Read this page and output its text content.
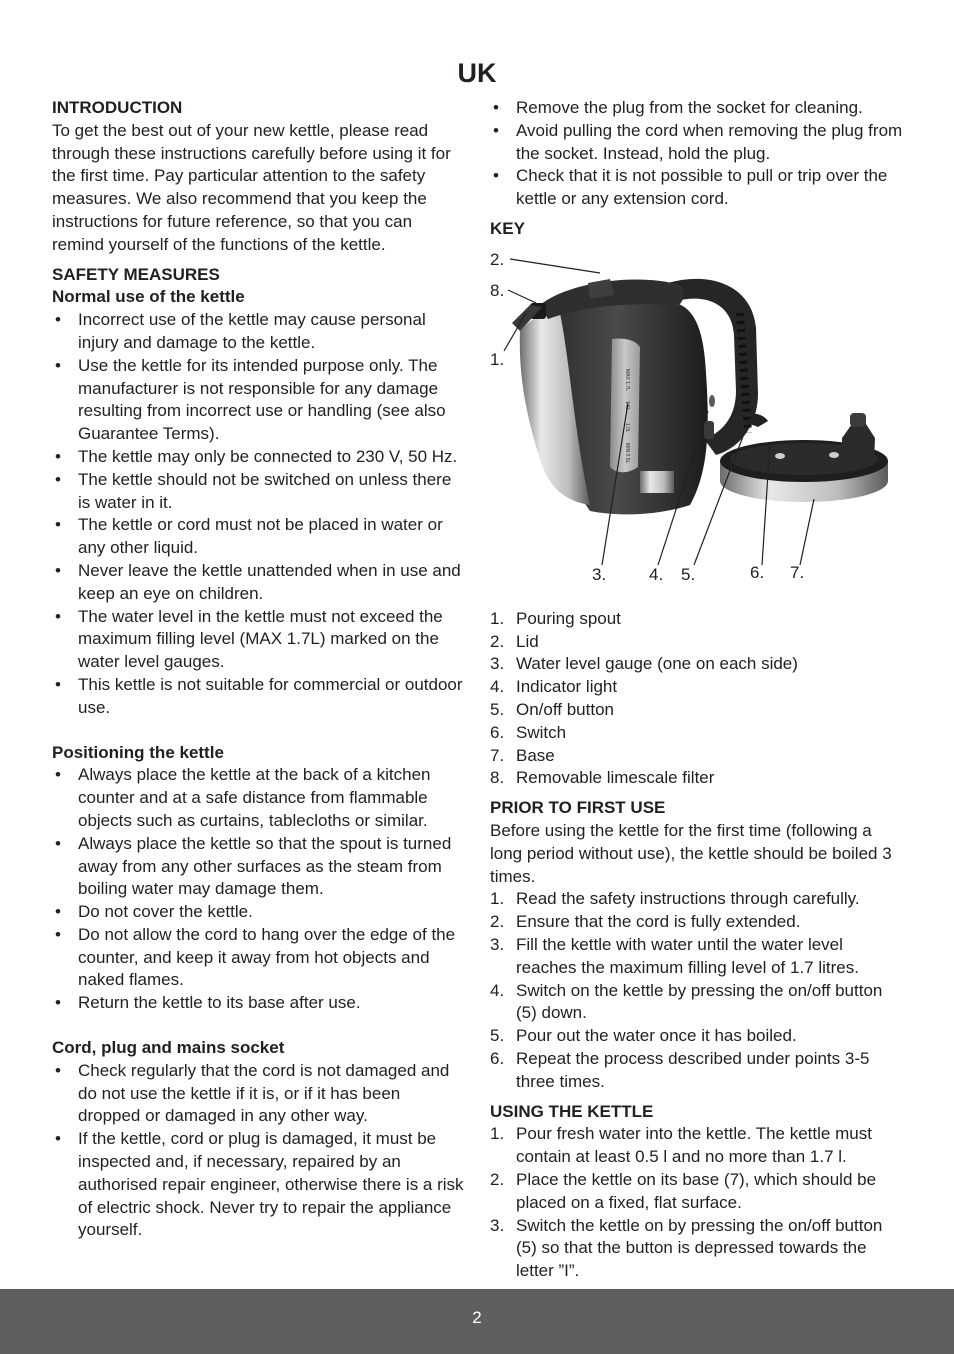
UK
INTRODUCTION

To get the best out of your new kettle, please read through these instructions carefully before using it for the first time. Pay particular attention to the safety measures. We also recommend that you keep the instructions for future reference, so that you can remind yourself of the functions of the kettle.

SAFETY MEASURES
Normal use of the kettle
• Incorrect use of the kettle may cause personal injury and damage to the kettle.
• Use the kettle for its intended purpose only. The manufacturer is not responsible for any damage resulting from incorrect use or handling (see also Guarantee Terms).
• The kettle may only be connected to 230 V, 50 Hz.
• The kettle should not be switched on unless there is water in it.
• The kettle or cord must not be placed in water or any other liquid.
• Never leave the kettle unattended when in use and keep an eye on children.
• The water level in the kettle must not exceed the maximum filling level (MAX 1.7L) marked on the water level gauges.
• This kettle is not suitable for commercial or outdoor use.
Positioning the kettle
• Always place the kettle at the back of a kitchen counter and at a safe distance from flammable objects such as curtains, tablecloths or similar.
• Always place the kettle so that the spout is turned away from any other surfaces as the steam from boiling water may damage them.
• Do not cover the kettle.
• Do not allow the cord to hang over the edge of the counter, and keep it away from hot objects and naked flames.
• Return the kettle to its base after use.
Cord, plug and mains socket
• Check regularly that the cord is not damaged and do not use the kettle if it is, or if it has been dropped or damaged in any other way.
• If the kettle, cord or plug is damaged, it must be inspected and, if necessary, repaired by an authorised repair engineer, otherwise there is a risk of electric shock. Never try to repair the appliance yourself.
• Remove the plug from the socket for cleaning.
• Avoid pulling the cord when removing the plug from the socket. Instead, hold the plug.
• Check that it is not possible to pull or trip over the kettle or any extension cord.
KEY
MAX 1.7L
1.5L
1.0L
MIN 0.5L
2.
8.
1.
3.	4. 5.	6. 7.
1. Pouring spout
2. Lid
3. Water level gauge (one on each side)
4. Indicator light
5. On/off button
6. Switch
7. Base
8. Removable limescale filter
PRIOR TO FIRST USE

Before using the kettle for the first time (following a long period without use), the kettle should be boiled 3 times.

1. Read the safety instructions through carefully.
2. Ensure that the cord is fully extended.
3. Fill the kettle with water until the water level reaches the maximum filling level of 1.7 litres.
4. Switch on the kettle by pressing the on/off button (5) down.
5. Pour out the water once it has boiled.
6. Repeat the process described under points 3-5 three times.
USING THE KETTLE
1. Pour fresh water into the kettle. The kettle must contain at least 0.5 l and no more than 1.7 l.
2. Place the kettle on its base (7), which should be placed on a fixed, flat surface.
3. Switch the kettle on by pressing the on/off button (5) so that the button is depressed towards the letter ”I”.
2
